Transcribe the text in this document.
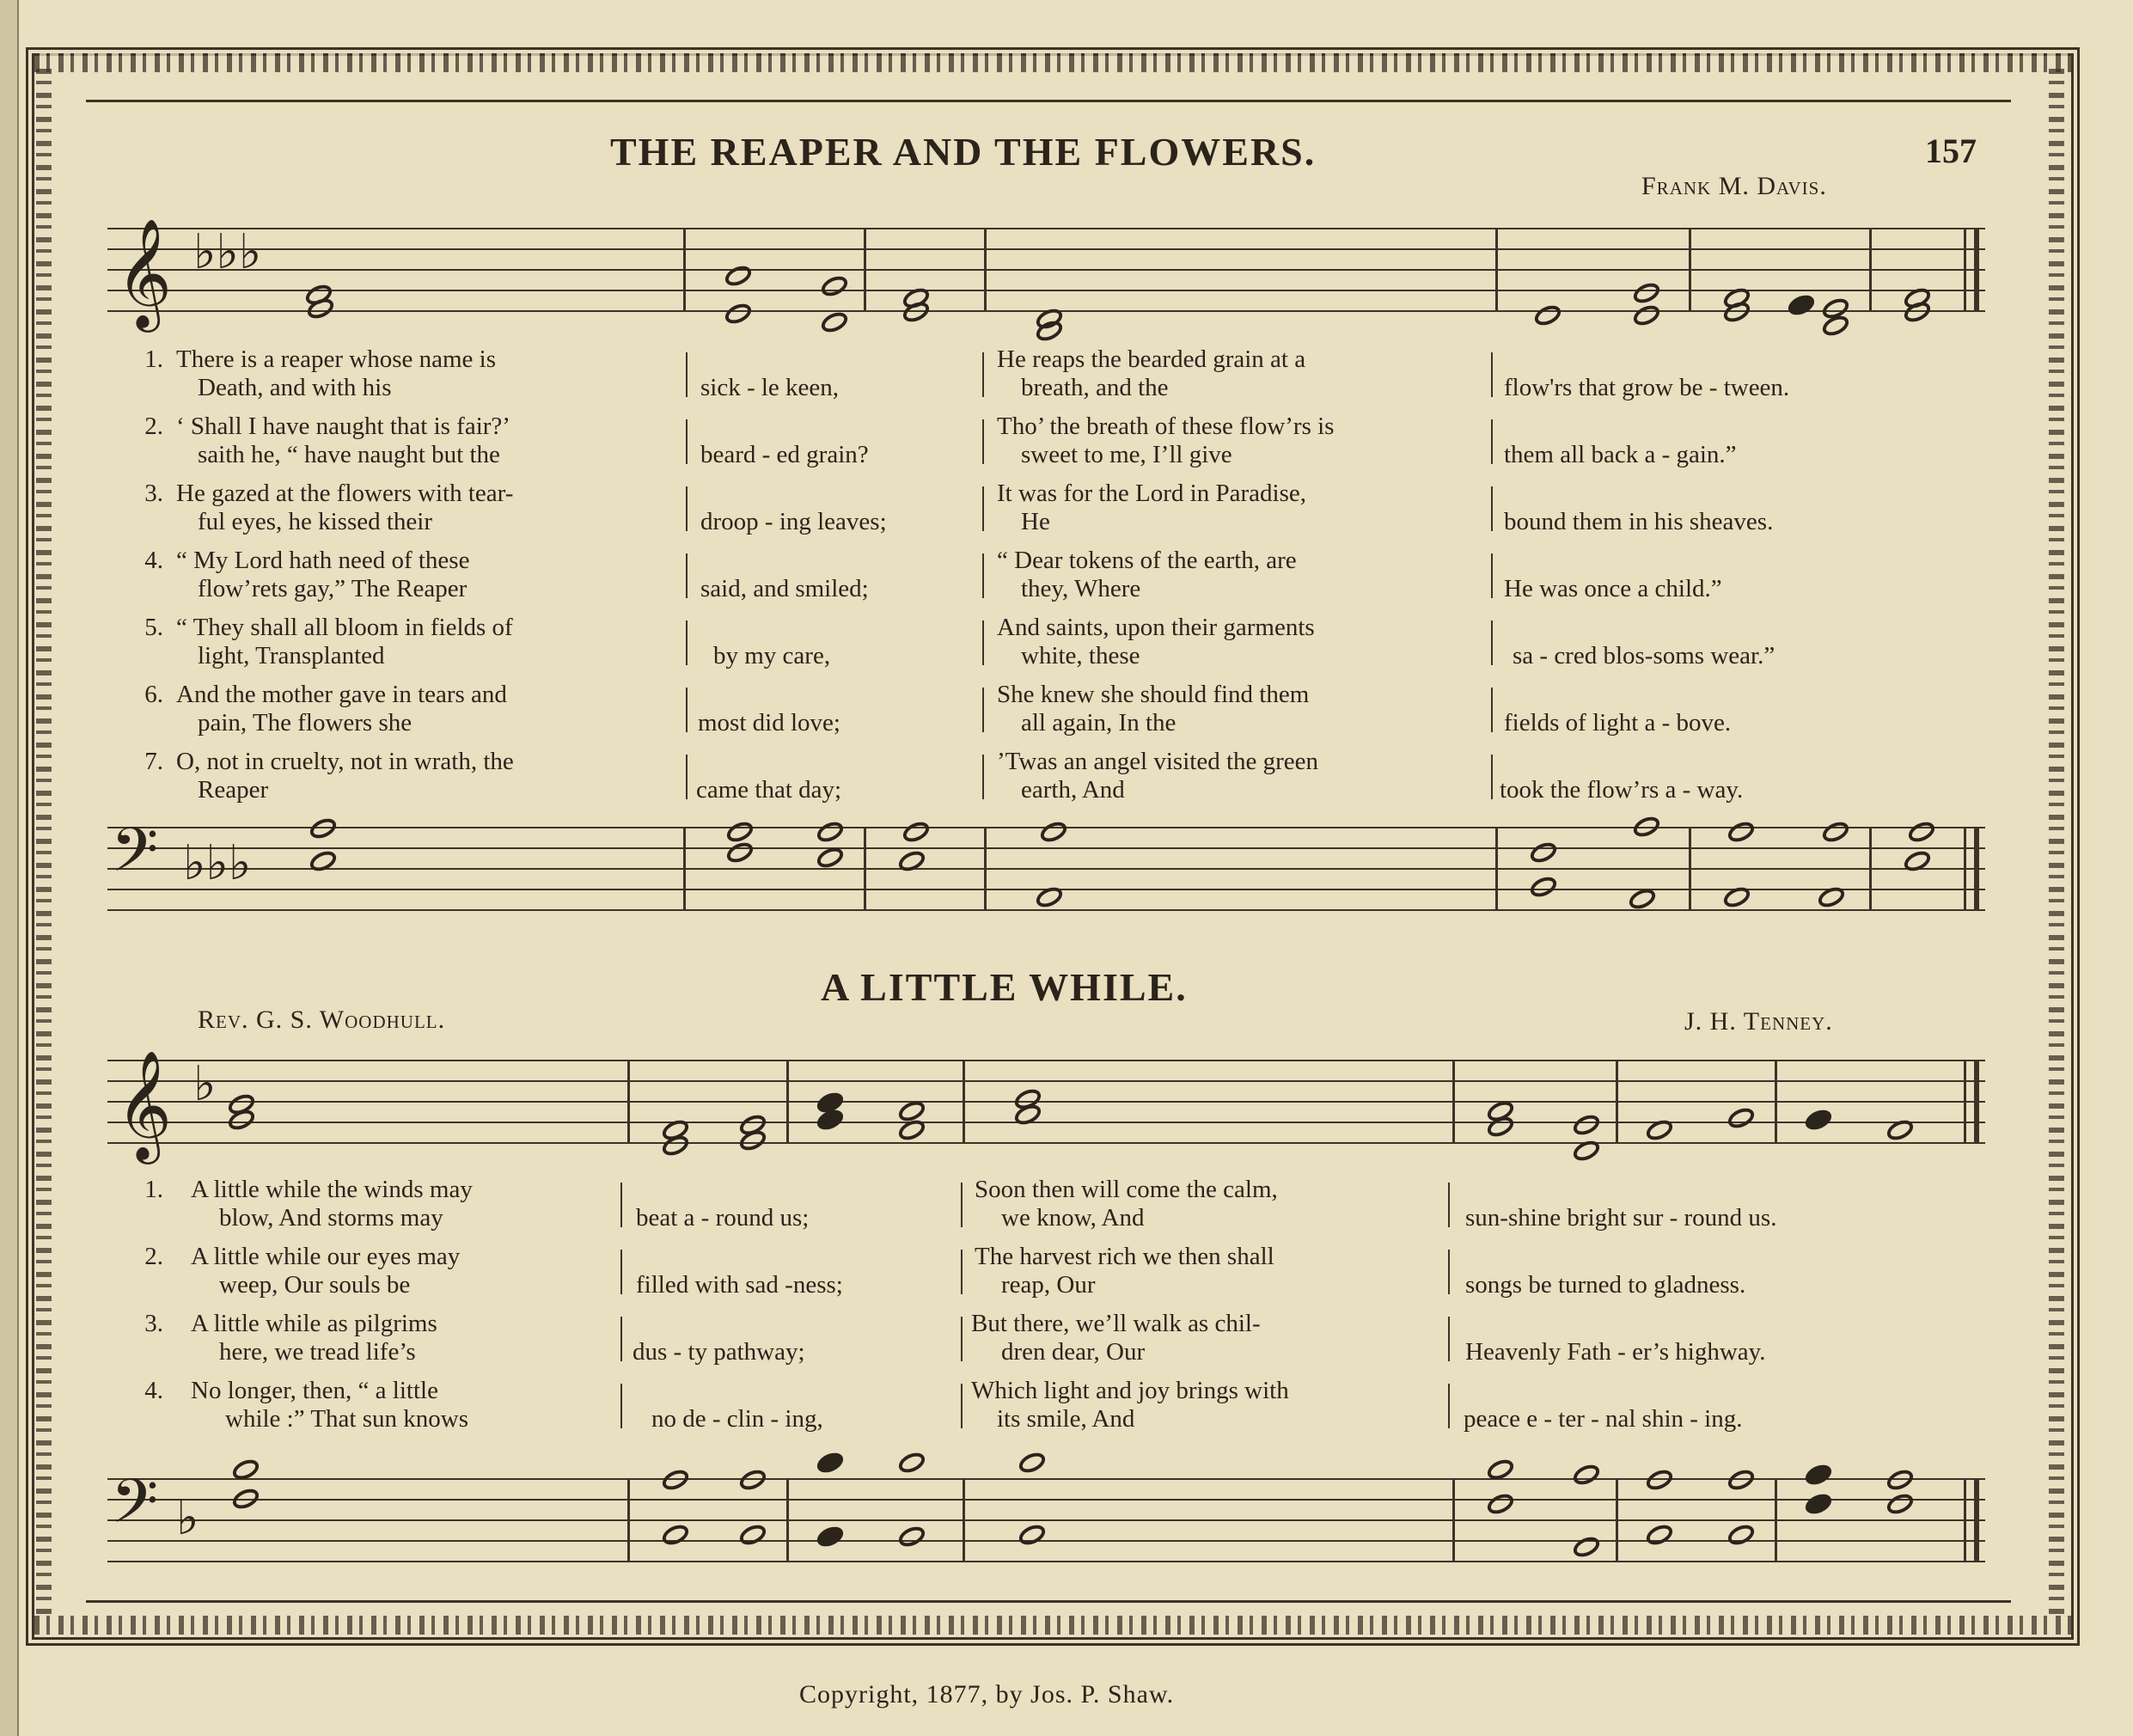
THE REAPER AND THE FLOWERS.	157
Frank M. Davis.
𝄞 ♭♭♭
1. There is a reaper whose name is
Death, and with his	sick - le keen,
He reaps the bearded grain at a
breath, and the	flow'rs that grow be - tween.
2. ‘ Shall I have naught that is fair?’
saith he, “ have naught but the	beard - ed grain?
Tho’ the breath of these flow’rs is
sweet to me, I’ll give	them all back a - gain.”
3. He gazed at the flowers with tear-
ful eyes, he kissed their	droop - ing leaves;
It was for the Lord in Paradise,
He	bound them in his sheaves.
4. “ My Lord hath need of these
flow’rets gay,” The Reaper	said, and smiled;
“ Dear tokens of the earth, are
they, Where	He was once a child.”
5. “ They shall all bloom in fields of
light, Transplanted	by my care,
And saints, upon their garments
white, these	sa - cred blos-soms wear.”
6. And the mother gave in tears and
pain, The flowers she	most did love;
She knew she should find them
all again, In the	fields of light a - bove.
7. O, not in cruelty, not in wrath, the
Reaper	came that day;
’Twas an angel visited the green
earth, And	took the flow’rs a - way.
𝄢 ♭♭♭
A LITTLE WHILE.
Rev. G. S. Woodhull.	J. H. Tenney.
𝄞 ♭
1. A little while the winds may
blow, And storms may	beat a - round us;
Soon then will come the calm,
we know, And	sun-shine bright sur - round us.
2. A little while our eyes may
weep, Our souls be	filled with sad -ness;
The harvest rich we then shall
reap, Our	songs be turned to gladness.
3. A little while as pilgrims
here, we tread life’s	dus - ty pathway;
But there, we’ll walk as chil-
dren dear, Our	Heavenly Fath - er’s highway.
4. No longer, then, “ a little
while :” That sun knows	no de - clin - ing,
Which light and joy brings with
its smile, And	peace e - ter - nal shin - ing.
𝄢 ♭
Copyright, 1877, by Jos. P. Shaw.
